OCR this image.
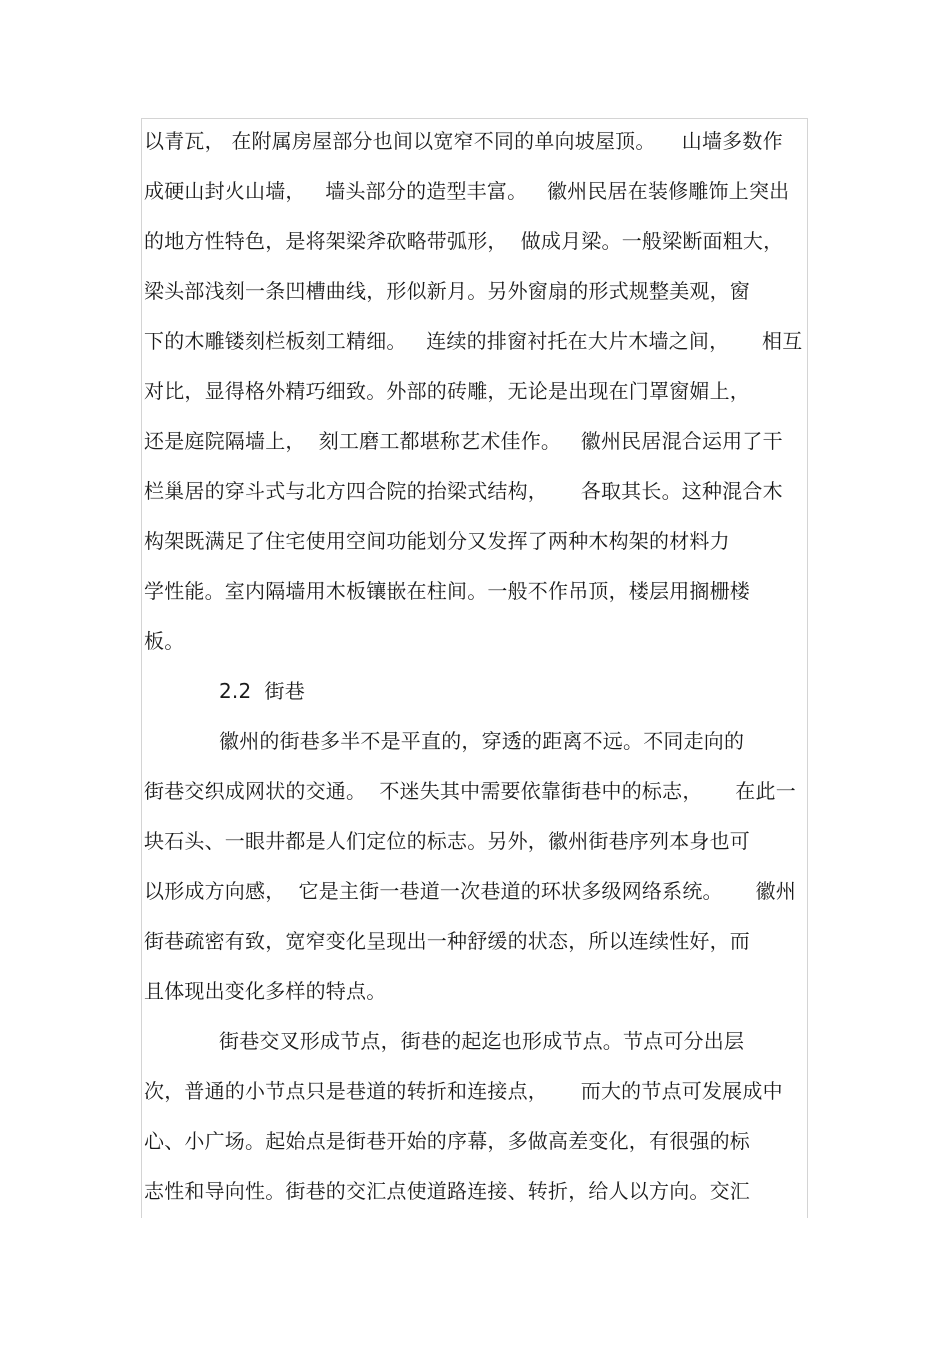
以青瓦， 在附属房屋部分也间以宽窄不同的单向坡屋顶。    山墙多数作
成硬山封火山墙，   墙头部分的造型丰富。   徽州民居在装修雕饰上突出
的地方性特色，是将架梁斧砍略带弧形，  做成月梁。一般梁断面粗大，
梁头部浅刻一条凹槽曲线，形似新月。另外窗扇的形式规整美观，窗
下的木雕镂刻栏板刻工精细。   连续的排窗衬托在大片木墙之间，     相互
对比，显得格外精巧细致。外部的砖雕，无论是出现在门罩窗媚上，
还是庭院隔墙上，  刻工磨工都堪称艺术佳作。   徽州民居混合运用了干
栏巢居的穿斗式与北方四合院的抬梁式结构，     各取其长。这种混合木
构架既满足了住宅使用空间功能划分又发挥了两种木构架的材料力
学性能。室内隔墙用木板镶嵌在柱间。一般不作吊顶，楼层用搁栅楼
板。
2.2  街巷
徽州的街巷多半不是平直的，穿透的距离不远。不同走向的
街巷交织成网状的交通。  不迷失其中需要依靠街巷中的标志，     在此一
块石头、一眼井都是人们定位的标志。另外，徽州街巷序列本身也可
以形成方向感，  它是主街一巷道一次巷道的环状多级网络系统。     徽州
街巷疏密有致，宽窄变化呈现出一种舒缓的状态，所以连续性好，而
且体现出变化多样的特点。
街巷交叉形成节点，街巷的起迄也形成节点。节点可分出层
次，普通的小节点只是巷道的转折和连接点，     而大的节点可发展成中
心、小广场。起始点是街巷开始的序幕，多做高差变化，有很强的标
志性和导向性。街巷的交汇点使道路连接、转折，给人以方向。交汇
